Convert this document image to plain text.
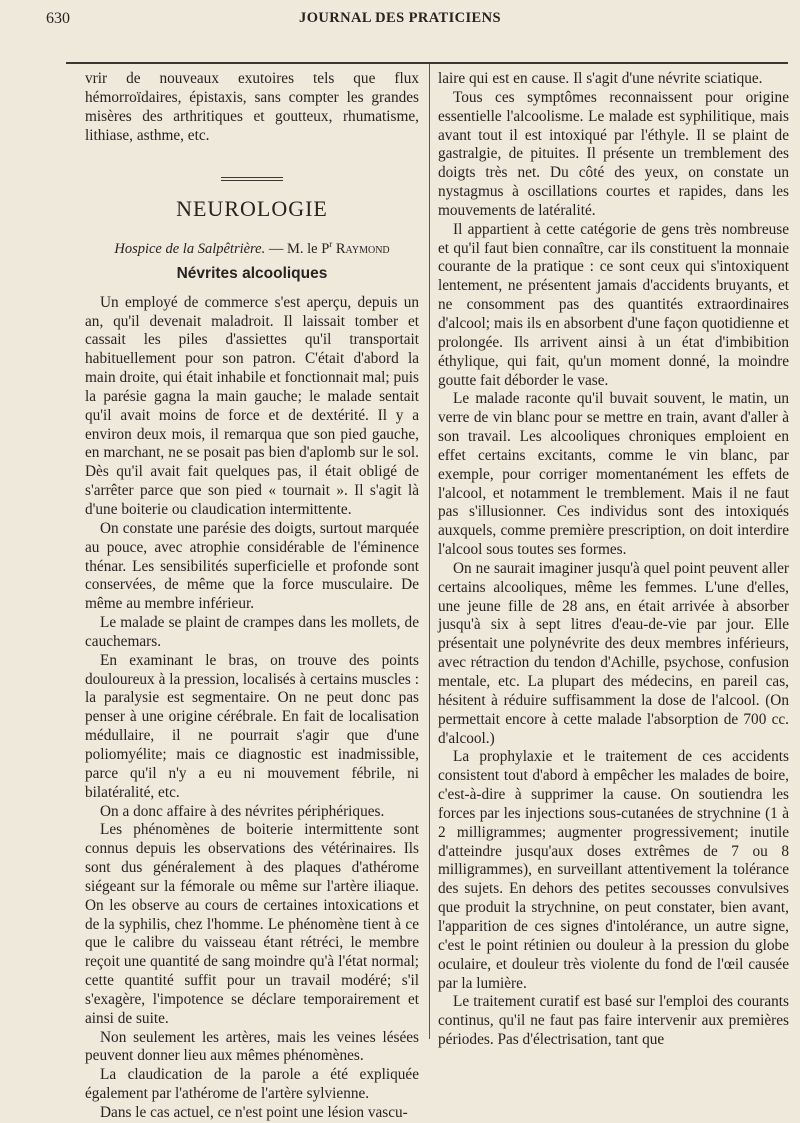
630	JOURNAL DES PRATICIENS

vrir de nouveaux exutoires tels que flux hémorroïdaires, épistaxis, sans compter les grandes misères des arthritiques et goutteux, rhumatisme, lithiase, asthme, etc.

NEUROLOGIE
Hospice de la Salpêtrière. — M. le $P^r$ Raymond
Névrites alcooliques

Un employé de commerce s'est aperçu, depuis un an, qu'il devenait maladroit. Il laissait tomber et cassait les piles d'assiettes qu'il transportait habituellement pour son patron. C'était d'abord la main droite, qui était inhabile et fonctionnait mal; puis la parésie gagna la main gauche; le malade sentait qu'il avait moins de force et de dextérité. Il y a environ deux mois, il remarqua que son pied gauche, en marchant, ne se posait pas bien d'aplomb sur le sol. Dès qu'il avait fait quelques pas, il était obligé de s'arrêter parce que son pied « tournait ». Il s'agit là d'une boiterie ou claudication intermittente.

On constate une parésie des doigts, surtout marquée au pouce, avec atrophie considérable de l'éminence thénar. Les sensibilités superficielle et profonde sont conservées, de même que la force musculaire. De même au membre inférieur.

Le malade se plaint de crampes dans les mollets, de cauchemars.

En examinant le bras, on trouve des points douloureux à la pression, localisés à certains muscles : la paralysie est segmentaire. On ne peut donc pas penser à une origine cérébrale. En fait de localisation médullaire, il ne pourrait s'agir que d'une poliomyélite; mais ce diagnostic est inadmissible, parce qu'il n'y a eu ni mouvement fébrile, ni bilatéralité, etc.

On a donc affaire à des névrites périphériques.

Les phénomènes de boiterie intermittente sont connus depuis les observations des vétérinaires. Ils sont dus généralement à des plaques d'athérome siégeant sur la fémorale ou même sur l'artère iliaque. On les observe au cours de certaines intoxications et de la syphilis, chez l'homme. Le phénomène tient à ce que le calibre du vaisseau étant rétréci, le membre reçoit une quantité de sang moindre qu'à l'état normal; cette quantité suffit pour un travail modéré; s'il s'exagère, l'impotence se déclare temporairement et ainsi de suite.

Non seulement les artères, mais les veines lésées peuvent donner lieu aux mêmes phénomènes.

La claudication de la parole a été expliquée également par l'athérome de l'artère sylvienne.

Dans le cas actuel, ce n'est point une lésion vascu-

laire qui est en cause. Il s'agit d'une névrite sciatique.

Tous ces symptômes reconnaissent pour origine essentielle l'alcoolisme. Le malade est syphilitique, mais avant tout il est intoxiqué par l'éthyle. Il se plaint de gastralgie, de pituites. Il présente un tremblement des doigts très net. Du côté des yeux, on constate un nystagmus à oscillations courtes et rapides, dans les mouvements de latéralité.

Il appartient à cette catégorie de gens très nombreuse et qu'il faut bien connaître, car ils constituent la monnaie courante de la pratique : ce sont ceux qui s'intoxiquent lentement, ne présentent jamais d'accidents bruyants, et ne consomment pas des quantités extraordinaires d'alcool; mais ils en absorbent d'une façon quotidienne et prolongée. Ils arrivent ainsi à un état d'imbibition éthylique, qui fait, qu'un moment donné, la moindre goutte fait déborder le vase.

Le malade raconte qu'il buvait souvent, le matin, un verre de vin blanc pour se mettre en train, avant d'aller à son travail. Les alcooliques chroniques emploient en effet certains excitants, comme le vin blanc, par exemple, pour corriger momentanément les effets de l'alcool, et notamment le tremblement. Mais il ne faut pas s'illusionner. Ces individus sont des intoxiqués auxquels, comme première prescription, on doit interdire l'alcool sous toutes ses formes.

On ne saurait imaginer jusqu'à quel point peuvent aller certains alcooliques, même les femmes. L'une d'elles, une jeune fille de 28 ans, en était arrivée à absorber jusqu'à six à sept litres d'eau-de-vie par jour. Elle présentait une polynévrite des deux membres inférieurs, avec rétraction du tendon d'Achille, psychose, confusion mentale, etc. La plupart des médecins, en pareil cas, hésitent à réduire suffisamment la dose de l'alcool. (On permettait encore à cette malade l'absorption de 700 cc. d'alcool.)

La prophylaxie et le traitement de ces accidents consistent tout d'abord à empêcher les malades de boire, c'est-à-dire à supprimer la cause. On soutiendra les forces par les injections sous-cutanées de strychnine (1 à 2 milligrammes; augmenter progressivement; inutile d'atteindre jusqu'aux doses extrêmes de 7 ou 8 milligrammes), en surveillant attentivement la tolérance des sujets. En dehors des petites secousses convulsives que produit la strychnine, on peut constater, bien avant, l'apparition de ces signes d'intolérance, un autre signe, c'est le point rétinien ou douleur à la pression du globe oculaire, et douleur très violente du fond de l'œil causée par la lumière.

Le traitement curatif est basé sur l'emploi des courants continus, qu'il ne faut pas faire intervenir aux premières périodes. Pas d'électrisation, tant que
